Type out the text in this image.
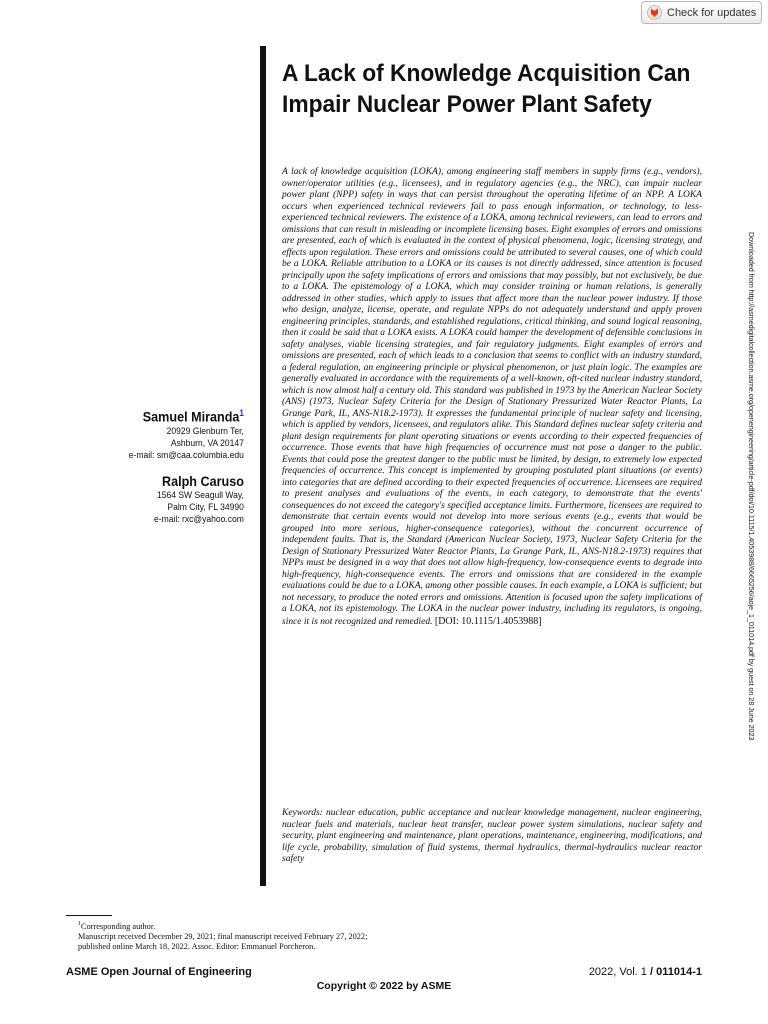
Check for updates
A Lack of Knowledge Acquisition Can Impair Nuclear Power Plant Safety

A lack of knowledge acquisition (LOKA), among engineering staff members in supply firms (e.g., vendors), owner/operator utilities (e.g., licensees), and in regulatory agencies (e.g., the NRC), can impair nuclear power plant (NPP) safety in ways that can persist throughout the operating lifetime of an NPP. A LOKA occurs when experienced technical reviewers fail to pass enough information, or technology, to less-experienced technical reviewers. The existence of a LOKA, among technical reviewers, can lead to errors and omissions that can result in misleading or incomplete licensing bases. Eight examples of errors and omissions are presented, each of which is evaluated in the context of physical phenomena, logic, licensing strategy, and effects upon regulation. These errors and omissions could be attributed to several causes, one of which could be a LOKA. Reliable attribution to a LOKA or its causes is not directly addressed, since attention is focused principally upon the safety implications of errors and omissions that may possibly, but not exclusively, be due to a LOKA. The epistemology of a LOKA, which may consider training or human relations, is generally addressed in other studies, which apply to issues that affect more than the nuclear power industry. If those who design, analyze, license, operate, and regulate NPPs do not adequately understand and apply proven engineering principles, standards, and established regulations, critical thinking, and sound logical reasoning, then it could be said that a LOKA exists. A LOKA could hamper the development of defensible conclusions in safety analyses, viable licensing strategies, and fair regulatory judgments. Eight examples of errors and omissions are presented, each of which leads to a conclusion that seems to conflict with an industry standard, a federal regulation, an engineering principle or physical phenomenon, or just plain logic. The examples are generally evaluated in accordance with the requirements of a well-known, oft-cited nuclear industry standard, which is now almost half a century old. This standard was published in 1973 by the American Nuclear Society (ANS) (1973, Nuclear Safety Criteria for the Design of Stationary Pressurized Water Reactor Plants, La Grange Park, IL, ANS-N18.2-1973). It expresses the fundamental principle of nuclear safety and licensing, which is applied by vendors, licensees, and regulators alike. This Standard defines nuclear safety criteria and plant design requirements for plant operating situations or events according to their expected frequencies of occurrence. Those events that have high frequencies of occurrence must not pose a danger to the public. Events that could pose the greatest danger to the public must be limited, by design, to extremely low expected frequencies of occurrence. This concept is implemented by grouping postulated plant situations (or events) into categories that are defined according to their expected frequencies of occurrence. Licensees are required to present analyses and evaluations of the events, in each category, to demonstrate that the events' consequences do not exceed the category's specified acceptance limits. Furthermore, licensees are required to demonstrate that certain events would not develop into more serious events (e.g., events that would be grouped into more serious, higher-consequence categories), without the concurrent occurrence of independent faults. That is, the Standard (American Nuclear Society, 1973, Nuclear Safety Criteria for the Design of Stationary Pressurized Water Reactor Plants, La Grange Park, IL, ANS-N18.2-1973) requires that NPPs must be designed in a way that does not allow high-frequency, low-consequence events to degrade into high-frequency, high-consequence events. The errors and omissions that are considered in the example evaluations could be due to a LOKA, among other possible causes. In each example, a LOKA is sufficient; but not necessary, to produce the noted errors and omissions. Attention is focused upon the safety implications of a LOKA, not its epistemology. The LOKA in the nuclear power industry, including its regulators, is ongoing, since it is not recognized and remedied. [DOI: 10.1115/1.4053988]

Keywords: nuclear education, public acceptance and nuclear knowledge management, nuclear engineering, nuclear fuels and materials, nuclear heat transfer, nuclear power system simulations, nuclear safety and security, plant engineering and maintenance, plant operations, maintenance, engineering, modifications, and life cycle, probability, simulation of fluid systems, thermal hydraulics, thermal-hydraulics nuclear reactor safety

Samuel Miranda$^1$
20929 Glenburn Ter,
Ashburn, VA 20147
e-mail: sm@caa.columbia.edu
Ralph Caruso
1564 SW Seagull Way,
Palm City, FL 34990
e-mail: rxc@yahoo.com	Downloaded from http://asmedigitalcollection.asme.org/openengineering/article-pdf/doi/10.1115/1.4053988/6665256/aoje_1_011014.pdf by guest on 28 June 2023

$^1$Corresponding author.

Manuscript received December 29, 2021; final manuscript received February 27, 2022; published online March 18, 2022. Assoc. Editor: Emmanuel Porcheron.

ASME Open Journal of Engineering	2022, Vol. 1 / 011014-1
Copyright © 2022 by ASME
